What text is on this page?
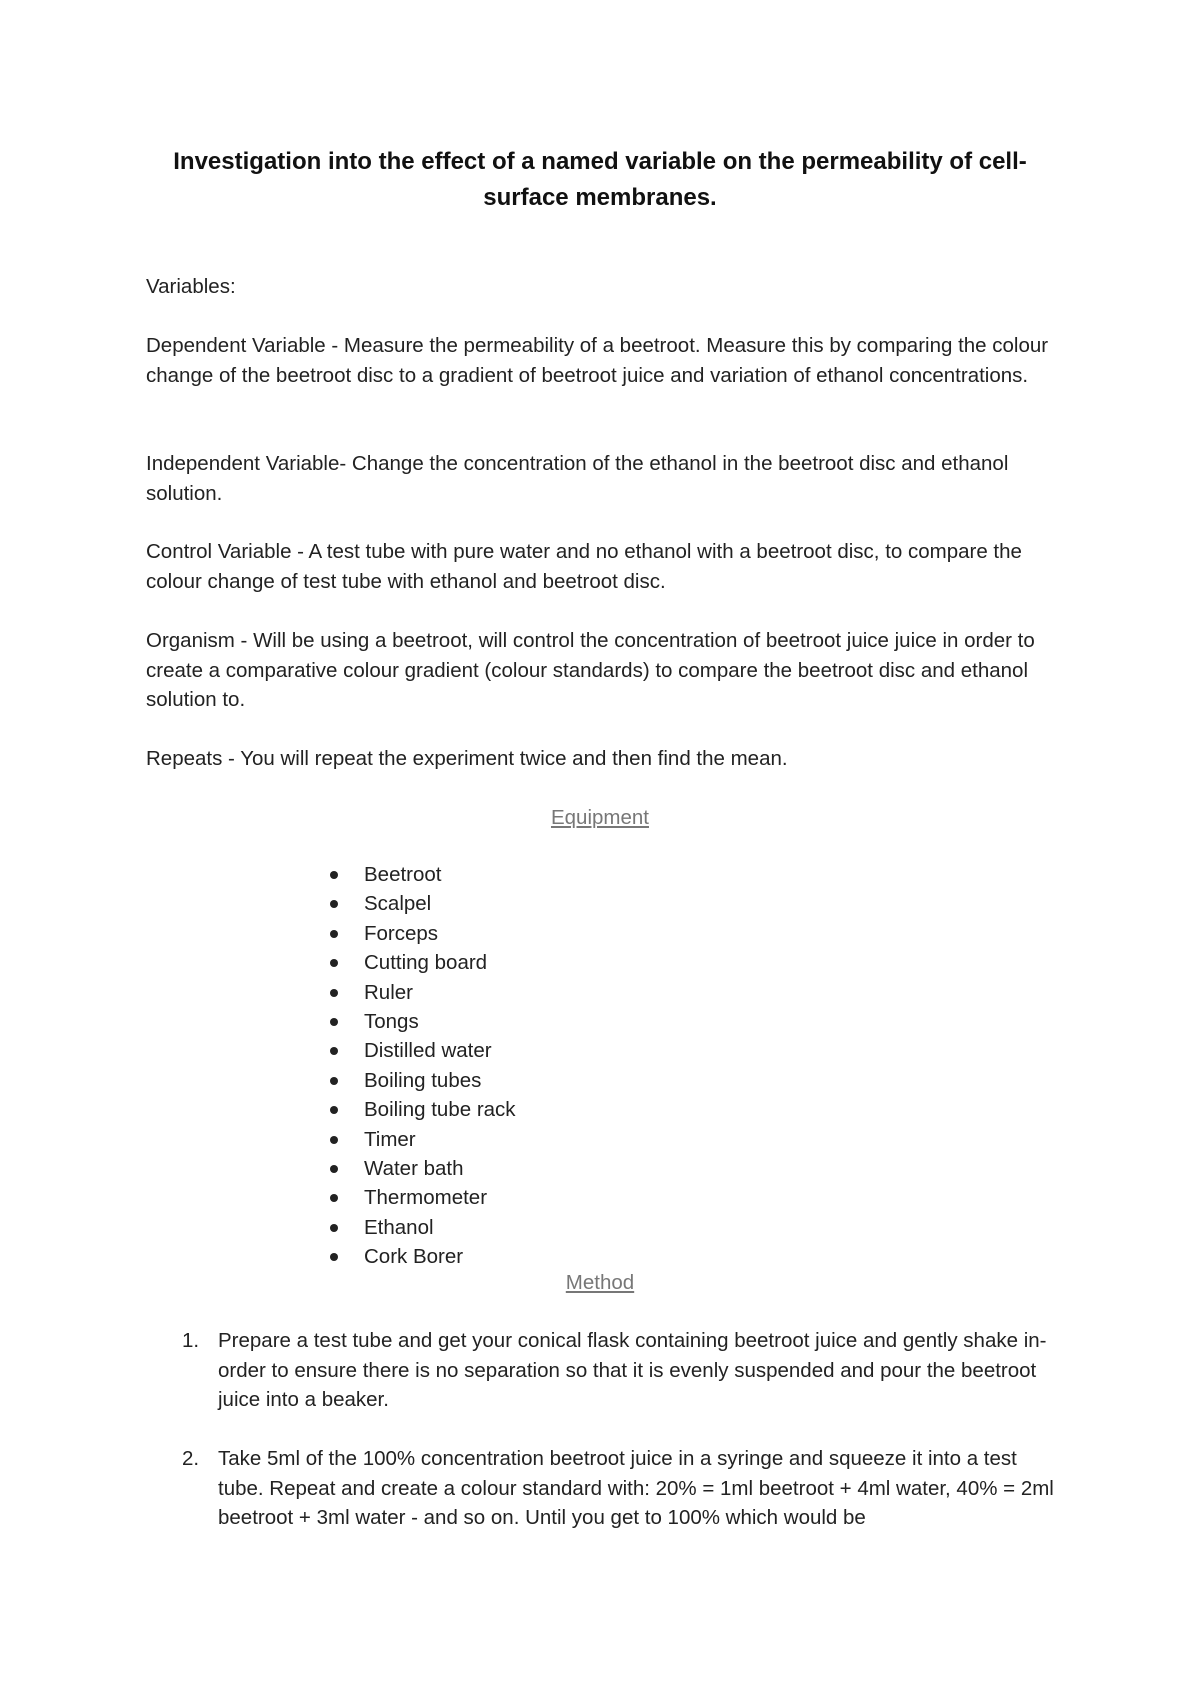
Investigation into the effect of a named variable on the permeability of cell-surface membranes.

Variables:

Dependent Variable - Measure the permeability of a beetroot. Measure this by comparing the colour change of the beetroot disc to a gradient of beetroot juice and variation of ethanol concentrations.

Independent Variable- Change the concentration of the ethanol in the beetroot disc and ethanol solution.

Control Variable - A test tube with pure water and no ethanol with a beetroot disc, to compare the colour change of test tube with ethanol and beetroot disc.

Organism - Will be using a beetroot, will control the concentration of beetroot juice juice in order to create a comparative colour gradient (colour standards) to compare the beetroot disc and ethanol solution to.

Repeats - You will repeat the experiment twice and then find the mean.

Equipment

Beetroot
Scalpel
Forceps
Cutting board
Ruler
Tongs
Distilled water
Boiling tubes
Boiling tube rack
Timer
Water bath
Thermometer
Ethanol
Cork Borer

Method

1. Prepare a test tube and get your conical flask containing beetroot juice and gently shake in-order to ensure there is no separation so that it is evenly suspended and pour the beetroot juice into a beaker.
2. Take 5ml of the 100% concentration beetroot juice in a syringe and squeeze it into a test tube. Repeat and create a colour standard with: 20% = 1ml beetroot + 4ml water, 40% = 2ml beetroot + 3ml water - and so on. Until you get to 100% which would be
